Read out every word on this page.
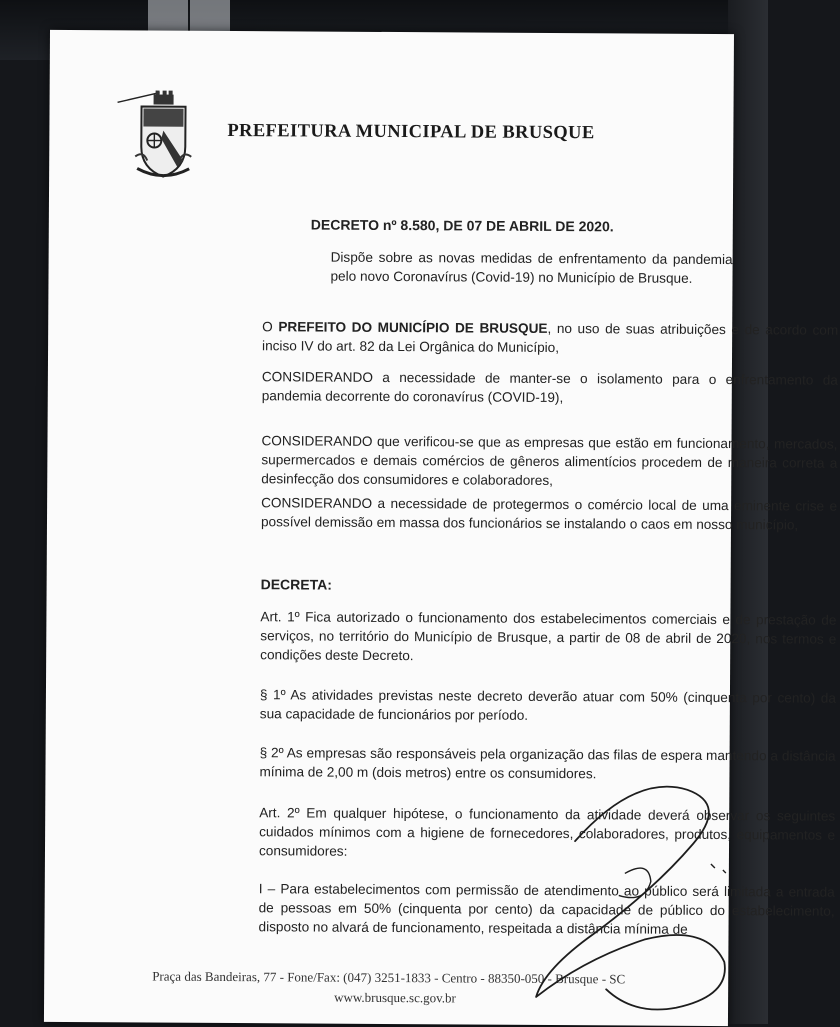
PREFEITURA MUNICIPAL DE BRUSQUE
DECRETO nº 8.580, DE 07 DE ABRIL DE 2020.
Dispõe sobre as novas medidas de enfrentamento da pandemia pelo novo Coronavírus (Covid-19) no Município de Brusque.
O PREFEITO DO MUNICÍPIO DE BRUSQUE, no uso de suas atribuições e de acordo com inciso IV do art. 82 da Lei Orgânica do Município,
CONSIDERANDO a necessidade de manter-se o isolamento para o enfrentamento da pandemia decorrente do coronavírus (COVID-19),
CONSIDERANDO que verificou-se que as empresas que estão em funcionamento, mercados, supermercados e demais comércios de gêneros alimentícios procedem de maneira correta a desinfecção dos consumidores e colaboradores,
CONSIDERANDO a necessidade de protegermos o comércio local de uma eminente crise e possível demissão em massa dos funcionários se instalando o caos em nosso município,
DECRETA:
Art. 1º Fica autorizado o funcionamento dos estabelecimentos comerciais e de prestação de serviços, no território do Município de Brusque, a partir de 08 de abril de 2020, nos termos e condições deste Decreto.
§ 1º As atividades previstas neste decreto deverão atuar com 50% (cinquenta por cento) da sua capacidade de funcionários por período.
§ 2º As empresas são responsáveis pela organização das filas de espera mantendo a distância mínima de 2,00 m (dois metros) entre os consumidores.
Art. 2º Em qualquer hipótese, o funcionamento da atividade deverá observar os seguintes cuidados mínimos com a higiene de fornecedores, colaboradores, produtos, equipamentos e consumidores:
I – Para estabelecimentos com permissão de atendimento ao público será limitada a entrada de pessoas em 50% (cinquenta por cento) da capacidade de público do estabelecimento, disposto no alvará de funcionamento, respeitada a distância mínima de
Praça das Bandeiras, 77 - Fone/Fax: (047) 3251-1833 - Centro - 88350-050 - Brusque - SC
www.brusque.sc.gov.br
